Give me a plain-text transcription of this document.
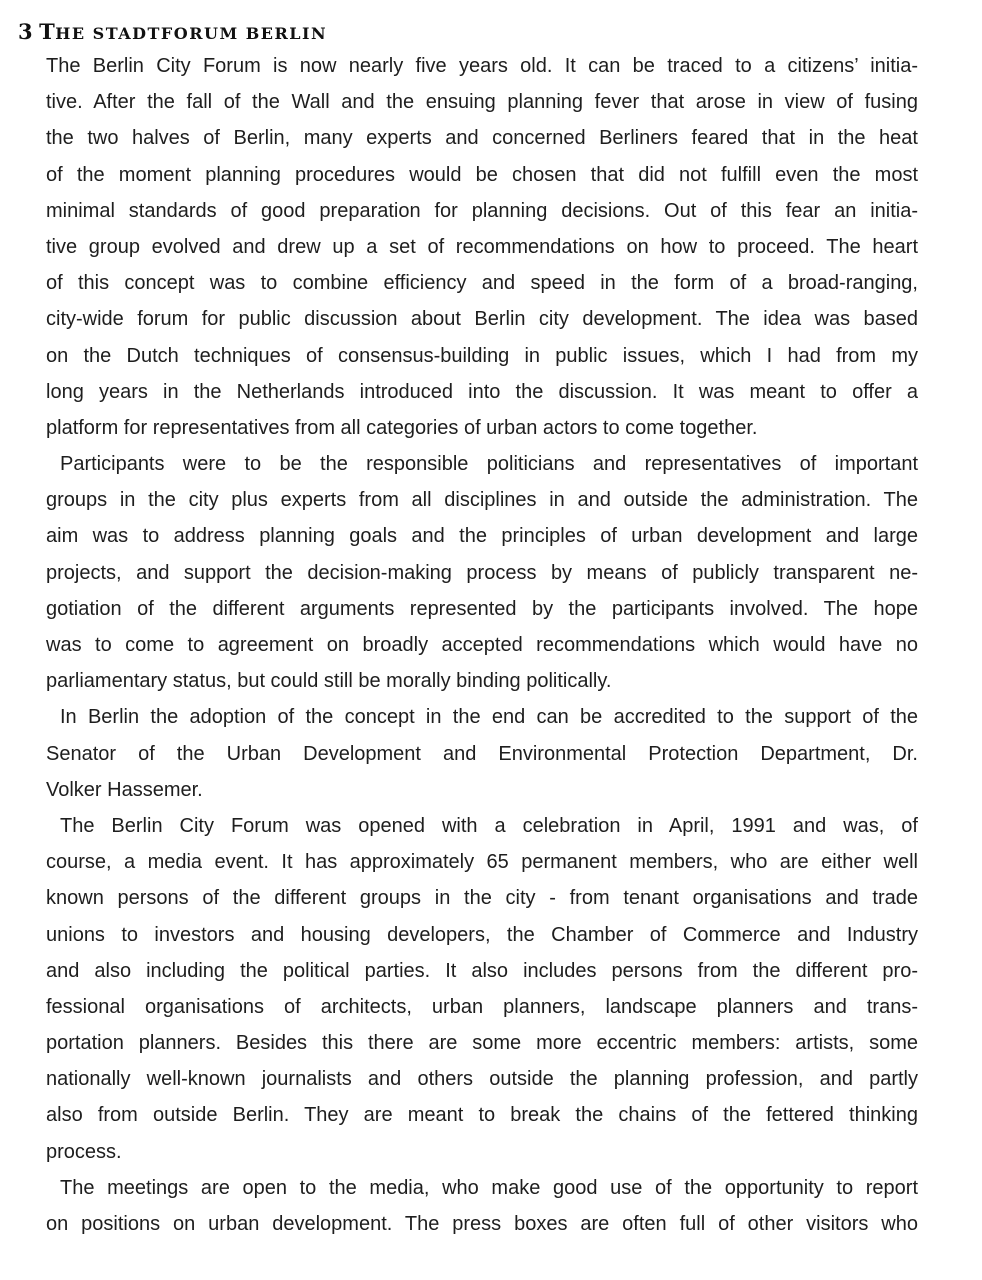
3 THE STADTFORUM BERLIN
The Berlin City Forum is now nearly five years old. It can be traced to a citizens’ initia-
tive. After the fall of the Wall and the ensuing planning fever that arose in view of fusing
the two halves of Berlin, many experts and concerned Berliners feared that in the heat
of the moment planning procedures would be chosen that did not fulfill even the most
minimal standards of good preparation for planning decisions. Out of this fear an initia-
tive group evolved and drew up a set of recommendations on how to proceed. The heart
of this concept was to combine efficiency and speed in the form of a broad-ranging,
city-wide forum for public discussion about Berlin city development. The idea was based
on the Dutch techniques of consensus-building in public issues, which I had from my
long years in the Netherlands introduced into the discussion. It was meant to offer a
platform for representatives from all categories of urban actors to come together.
Participants were to be the responsible politicians and representatives of important
groups in the city plus experts from all disciplines in and outside the administration. The
aim was to address planning goals and the principles of urban development and large
projects, and support the decision-making process by means of publicly transparent ne-
gotiation of the different arguments represented by the participants involved. The hope
was to come to agreement on broadly accepted recommendations which would have no
parliamentary status, but could still be morally binding politically.
In Berlin the adoption of the concept in the end can be accredited to the support of the
Senator of the Urban Development and Environmental Protection Department, Dr.
Volker Hassemer.
The Berlin City Forum was opened with a celebration in April, 1991 and was, of
course, a media event. It has approximately 65 permanent members, who are either well
known persons of the different groups in the city - from tenant organisations and trade
unions to investors and housing developers, the Chamber of Commerce and Industry
and also including the political parties. It also includes persons from the different pro-
fessional organisations of architects, urban planners, landscape planners and trans-
portation planners. Besides this there are some more eccentric members: artists, some
nationally well-known journalists and others outside the planning profession, and partly
also from outside Berlin. They are meant to break the chains of the fettered thinking
process.
The meetings are open to the media, who make good use of the opportunity to report
on positions on urban development. The press boxes are often full of other visitors who
